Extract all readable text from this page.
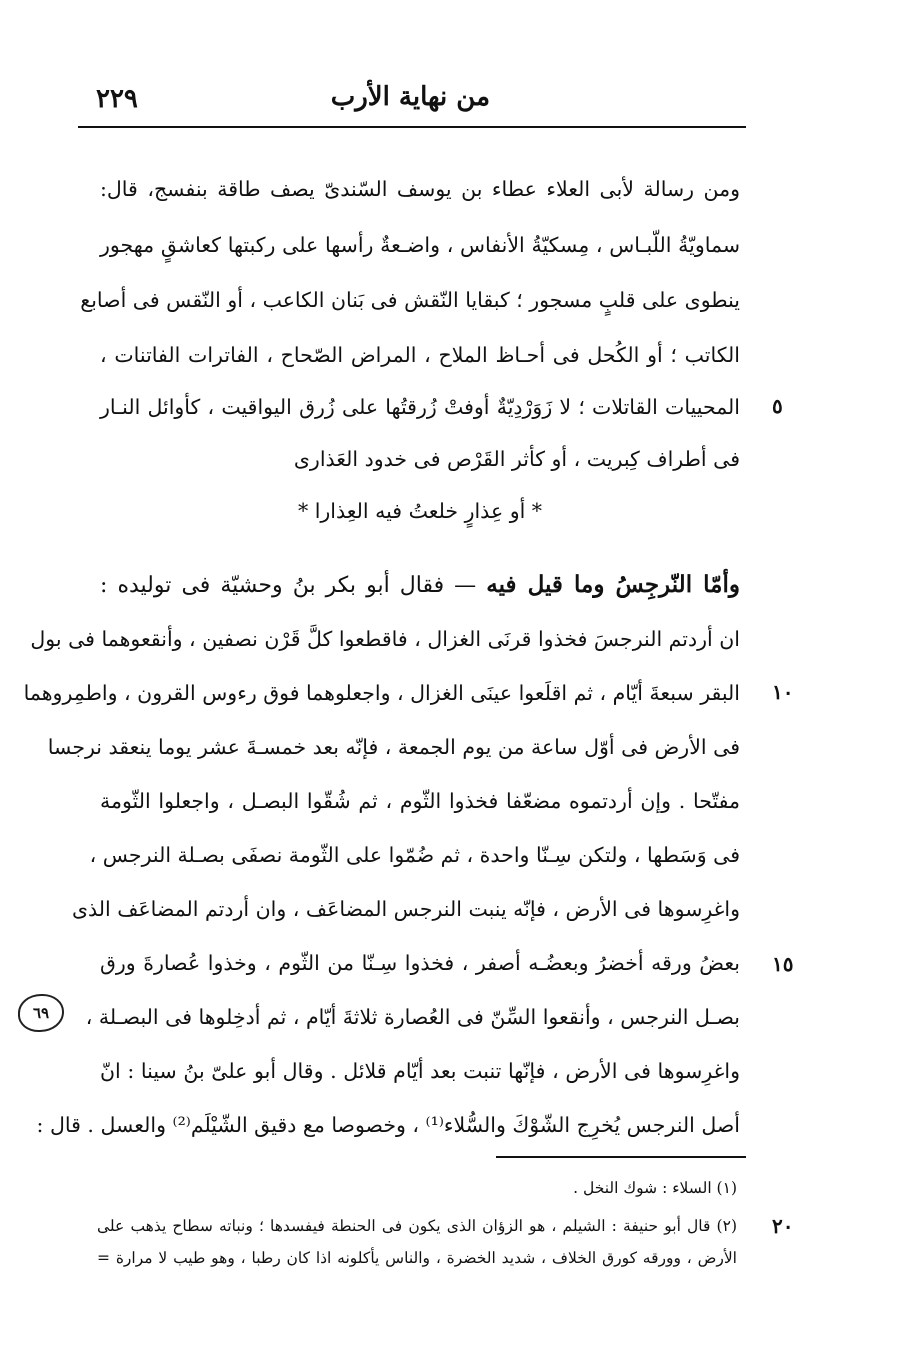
٢٢٩	من نهاية الأرب
ومن رسالة لأبى العلاء عطاء بن يوسف السّندىّ يصف طاقة بنفسج، قال:
سماويّةُ اللّبـاس ، مِسكيّةُ الأنفاس ، واضـعةٌ رأسها على ركبتها كعاشقٍ مهجور
ينطوى على قلبٍ مسجور ؛ كبقايا النّقش فى بَنان الكاعب ، أو النّقس فى أصابع
الكاتب ؛ أو الكُحل فى أحـاظ الملاح ، المراض الصّحاح ، الفاترات الفاتنات ،
المحييات القاتلات ؛ لا زَوَرْدِيّةٌ أوفتْ زُرقتُها على زُرق اليواقيت ، كأوائل النـار
فى أطراف كِبريت ، أو كأثر القَرْص فى خدود العَذارى
* أو عِذارٍ خلعتُ فيه العِذارا *
وأمّا النّرجِسُ وما قيل فيه — فقال أبو بكر بنُ وحشيّة فى توليده :
ان أردتم النرجسَ فخذوا قرنَى الغزال ، فاقطعوا كلَّ قَرْن نصفين ، وأنقعوهما فى بول
البقر سبعةَ أيّام ، ثم اقلَعوا عينَى الغزال ، واجعلوهما فوق رءوس القرون ، واطمِروهما
فى الأرض فى أوّل ساعة من يوم الجمعة ، فإنّه بعد خمسـةَ عشر يوما ينعقد نرجسا
مفتّحا . وإن أردتموه مضعّفا فخذوا الثّوم ، ثم شُقّوا البصـل ، واجعلوا الثّومة
فى وَسَطها ، ولتكن سِـنّا واحدة ، ثم ضُمّوا على الثّومة نصفَى بصـلة النرجس ،
واغرِسوها فى الأرض ، فإنّه ينبت النرجس المضاعَف ، وان أردتم المضاعَف الذى
بعضُ ورقه أخضرُ وبعضُـه أصفر ، فخذوا سِـنّا من الثّوم ، وخذوا عُصارةَ ورق
بصـل النرجس ، وأنقعوا السِّنّ فى العُصارة ثلاثةَ أيّام ، ثم أدخِلوها فى البصـلة ،
واغرِسوها فى الأرض ، فإنّها تنبت بعد أيّام قلائل . وقال أبو علىّ بنُ سينا : انّ
أصل النرجس يُخرِج الشّوْكَ والسُّلاء⁽¹⁾ ، وخصوصا مع دقيق الشّيْلَم⁽²⁾ والعسل . قال :
٥
١٠
١٥
٢٠
٦٩
(١) السلاء : شوك النخل .
(٢) قال أبو حنيفة : الشيلم ، هو الزؤان الذى يكون فى الحنطة فيفسدها ؛ ونباته سطاح يذهب على
الأرض ، وورقه كورق الخلاف ، شديد الخضرة ، والناس يأكلونه اذا كان رطبا ، وهو طيب لا مرارة =
